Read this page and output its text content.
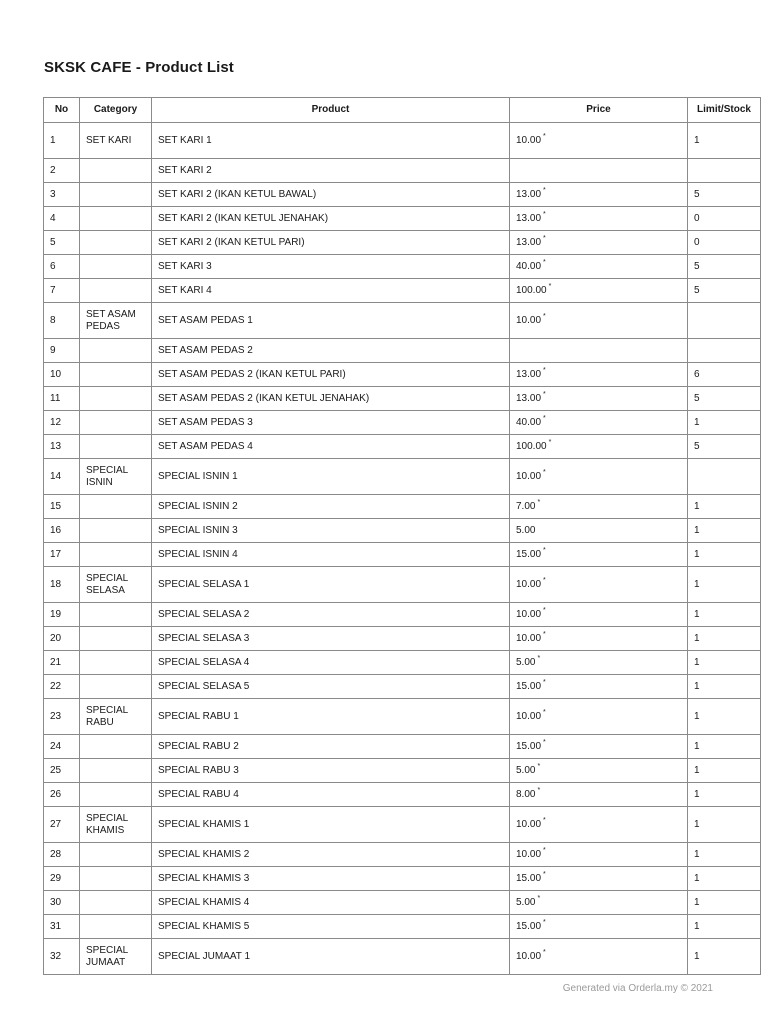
SKSK CAFE - Product List
No	Category	Product	Price	Limit/Stock
1	SET KARI	SET KARI 1	10.00 *	1
2		SET KARI 2		
3		SET KARI 2 (IKAN KETUL BAWAL)	13.00 *	5
4		SET KARI 2 (IKAN KETUL JENAHAK)	13.00 *	0
5		SET KARI 2 (IKAN KETUL PARI)	13.00 *	0
6		SET KARI 3	40.00 *	5
7		SET KARI 4	100.00 *	5
8	SET ASAM PEDAS	SET ASAM PEDAS 1	10.00 *	
9		SET ASAM PEDAS 2		
10		SET ASAM PEDAS 2 (IKAN KETUL PARI)	13.00 *	6
11		SET ASAM PEDAS 2 (IKAN KETUL JENAHAK)	13.00 *	5
12		SET ASAM PEDAS 3	40.00 *	1
13		SET ASAM PEDAS 4	100.00 *	5
14	SPECIAL ISNIN	SPECIAL ISNIN 1	10.00 *	
15		SPECIAL ISNIN 2	7.00 *	1
16		SPECIAL ISNIN 3	5.00	1
17		SPECIAL ISNIN 4	15.00 *	1
18	SPECIAL SELASA	SPECIAL SELASA 1	10.00 *	1
19		SPECIAL SELASA 2	10.00 *	1
20		SPECIAL SELASA 3	10.00 *	1
21		SPECIAL SELASA 4	5.00 *	1
22		SPECIAL SELASA 5	15.00 *	1
23	SPECIAL RABU	SPECIAL RABU 1	10.00 *	1
24		SPECIAL RABU 2	15.00 *	1
25		SPECIAL RABU 3	5.00 *	1
26		SPECIAL RABU 4	8.00 *	1
27	SPECIAL KHAMIS	SPECIAL KHAMIS 1	10.00 *	1
28		SPECIAL KHAMIS 2	10.00 *	1
29		SPECIAL KHAMIS 3	15.00 *	1
30		SPECIAL KHAMIS 4	5.00 *	1
31		SPECIAL KHAMIS 5	15.00 *	1
32	SPECIAL JUMAAT	SPECIAL JUMAAT 1	10.00 *	1
Generated via Orderla.my © 2021
